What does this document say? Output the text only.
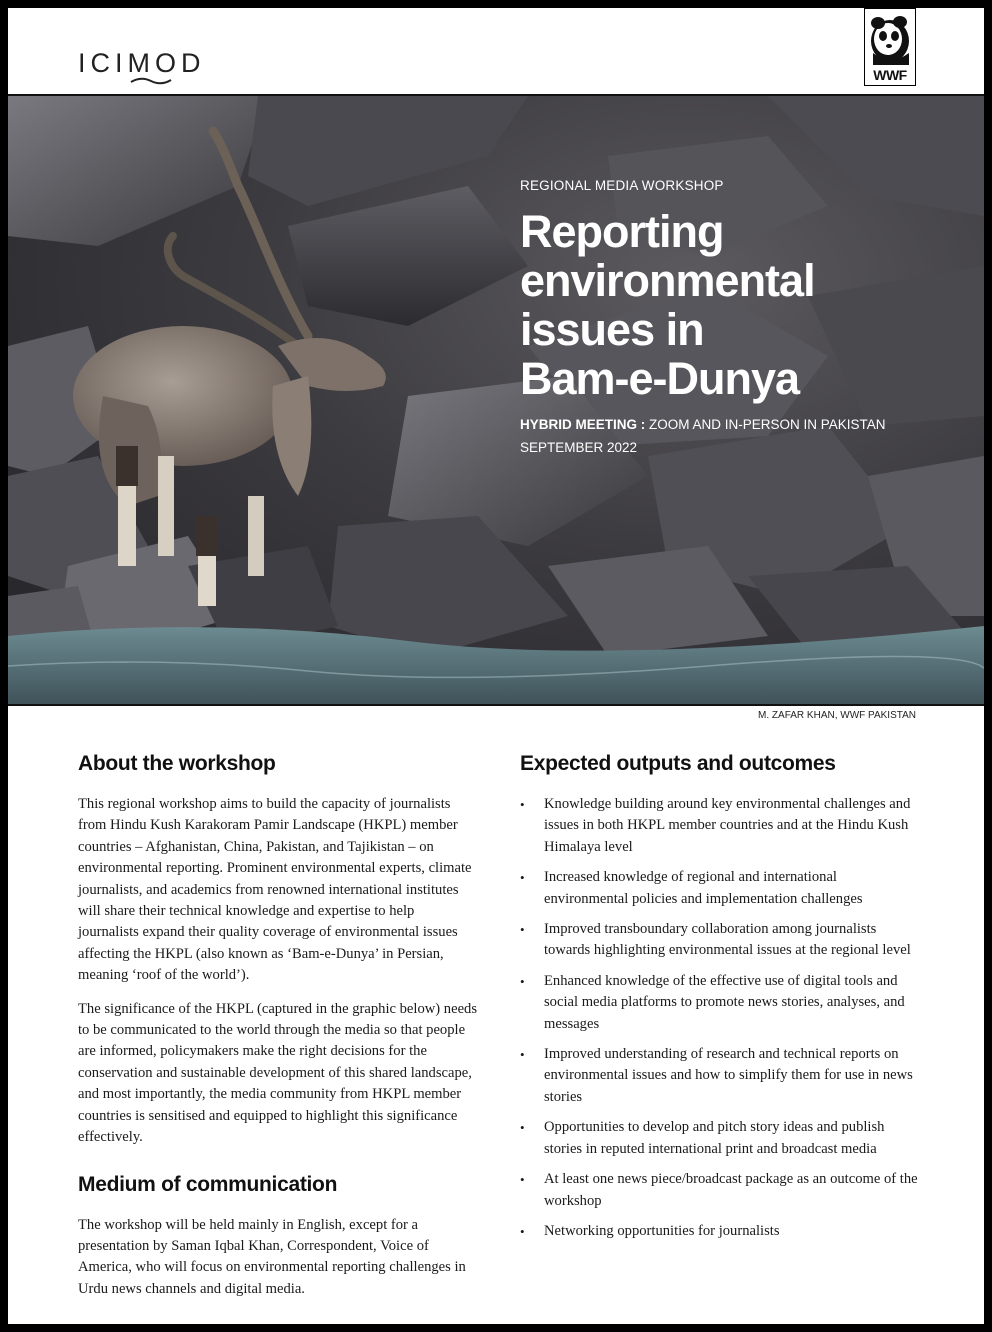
ICIMOD	WWF
REGIONAL MEDIA WORKSHOP
Reporting
environmental
issues in
Bam-e-Dunya
HYBRID MEETING : ZOOM AND IN-PERSON IN PAKISTAN
SEPTEMBER 2022
M. ZAFAR KHAN, WWF PAKISTAN
About the workshop

This regional workshop aims to build the capacity of journalists from Hindu Kush Karakoram Pamir Landscape (HKPL) member countries – Afghanistan, China, Pakistan, and Tajikistan – on environmental reporting. Prominent environmental experts, climate journalists, and academics from renowned international institutes will share their technical knowledge and expertise to help journalists expand their quality coverage of environmental issues affecting the HKPL (also known as ‘Bam-e-Dunya’ in Persian, meaning ‘roof of the world’).

The significance of the HKPL (captured in the graphic below) needs to be communicated to the world through the media so that people are informed, policymakers make the right decisions for the conservation and sustainable development of this shared landscape, and most importantly, the media community from HKPL member countries is sensitised and equipped to highlight this significance effectively.

Medium of communication

The workshop will be held mainly in English, except for a presentation by Saman Iqbal Khan, Correspondent, Voice of America, who will focus on environmental reporting challenges in Urdu news channels and digital media.

Expected outputs and outcomes
• Knowledge building around key environmental challenges and issues in both HKPL member countries and at the Hindu Kush Himalaya level
• Increased knowledge of regional and international environmental policies and implementation challenges
• Improved transboundary collaboration among journalists towards highlighting environmental issues at the regional level
• Enhanced knowledge of the effective use of digital tools and social media platforms to promote news stories, analyses, and messages
• Improved understanding of research and technical reports on environmental issues and how to simplify them for use in news stories
• Opportunities to develop and pitch story ideas and publish stories in reputed international print and broadcast media
• At least one news piece/broadcast package as an outcome of the workshop
• Networking opportunities for journalists
